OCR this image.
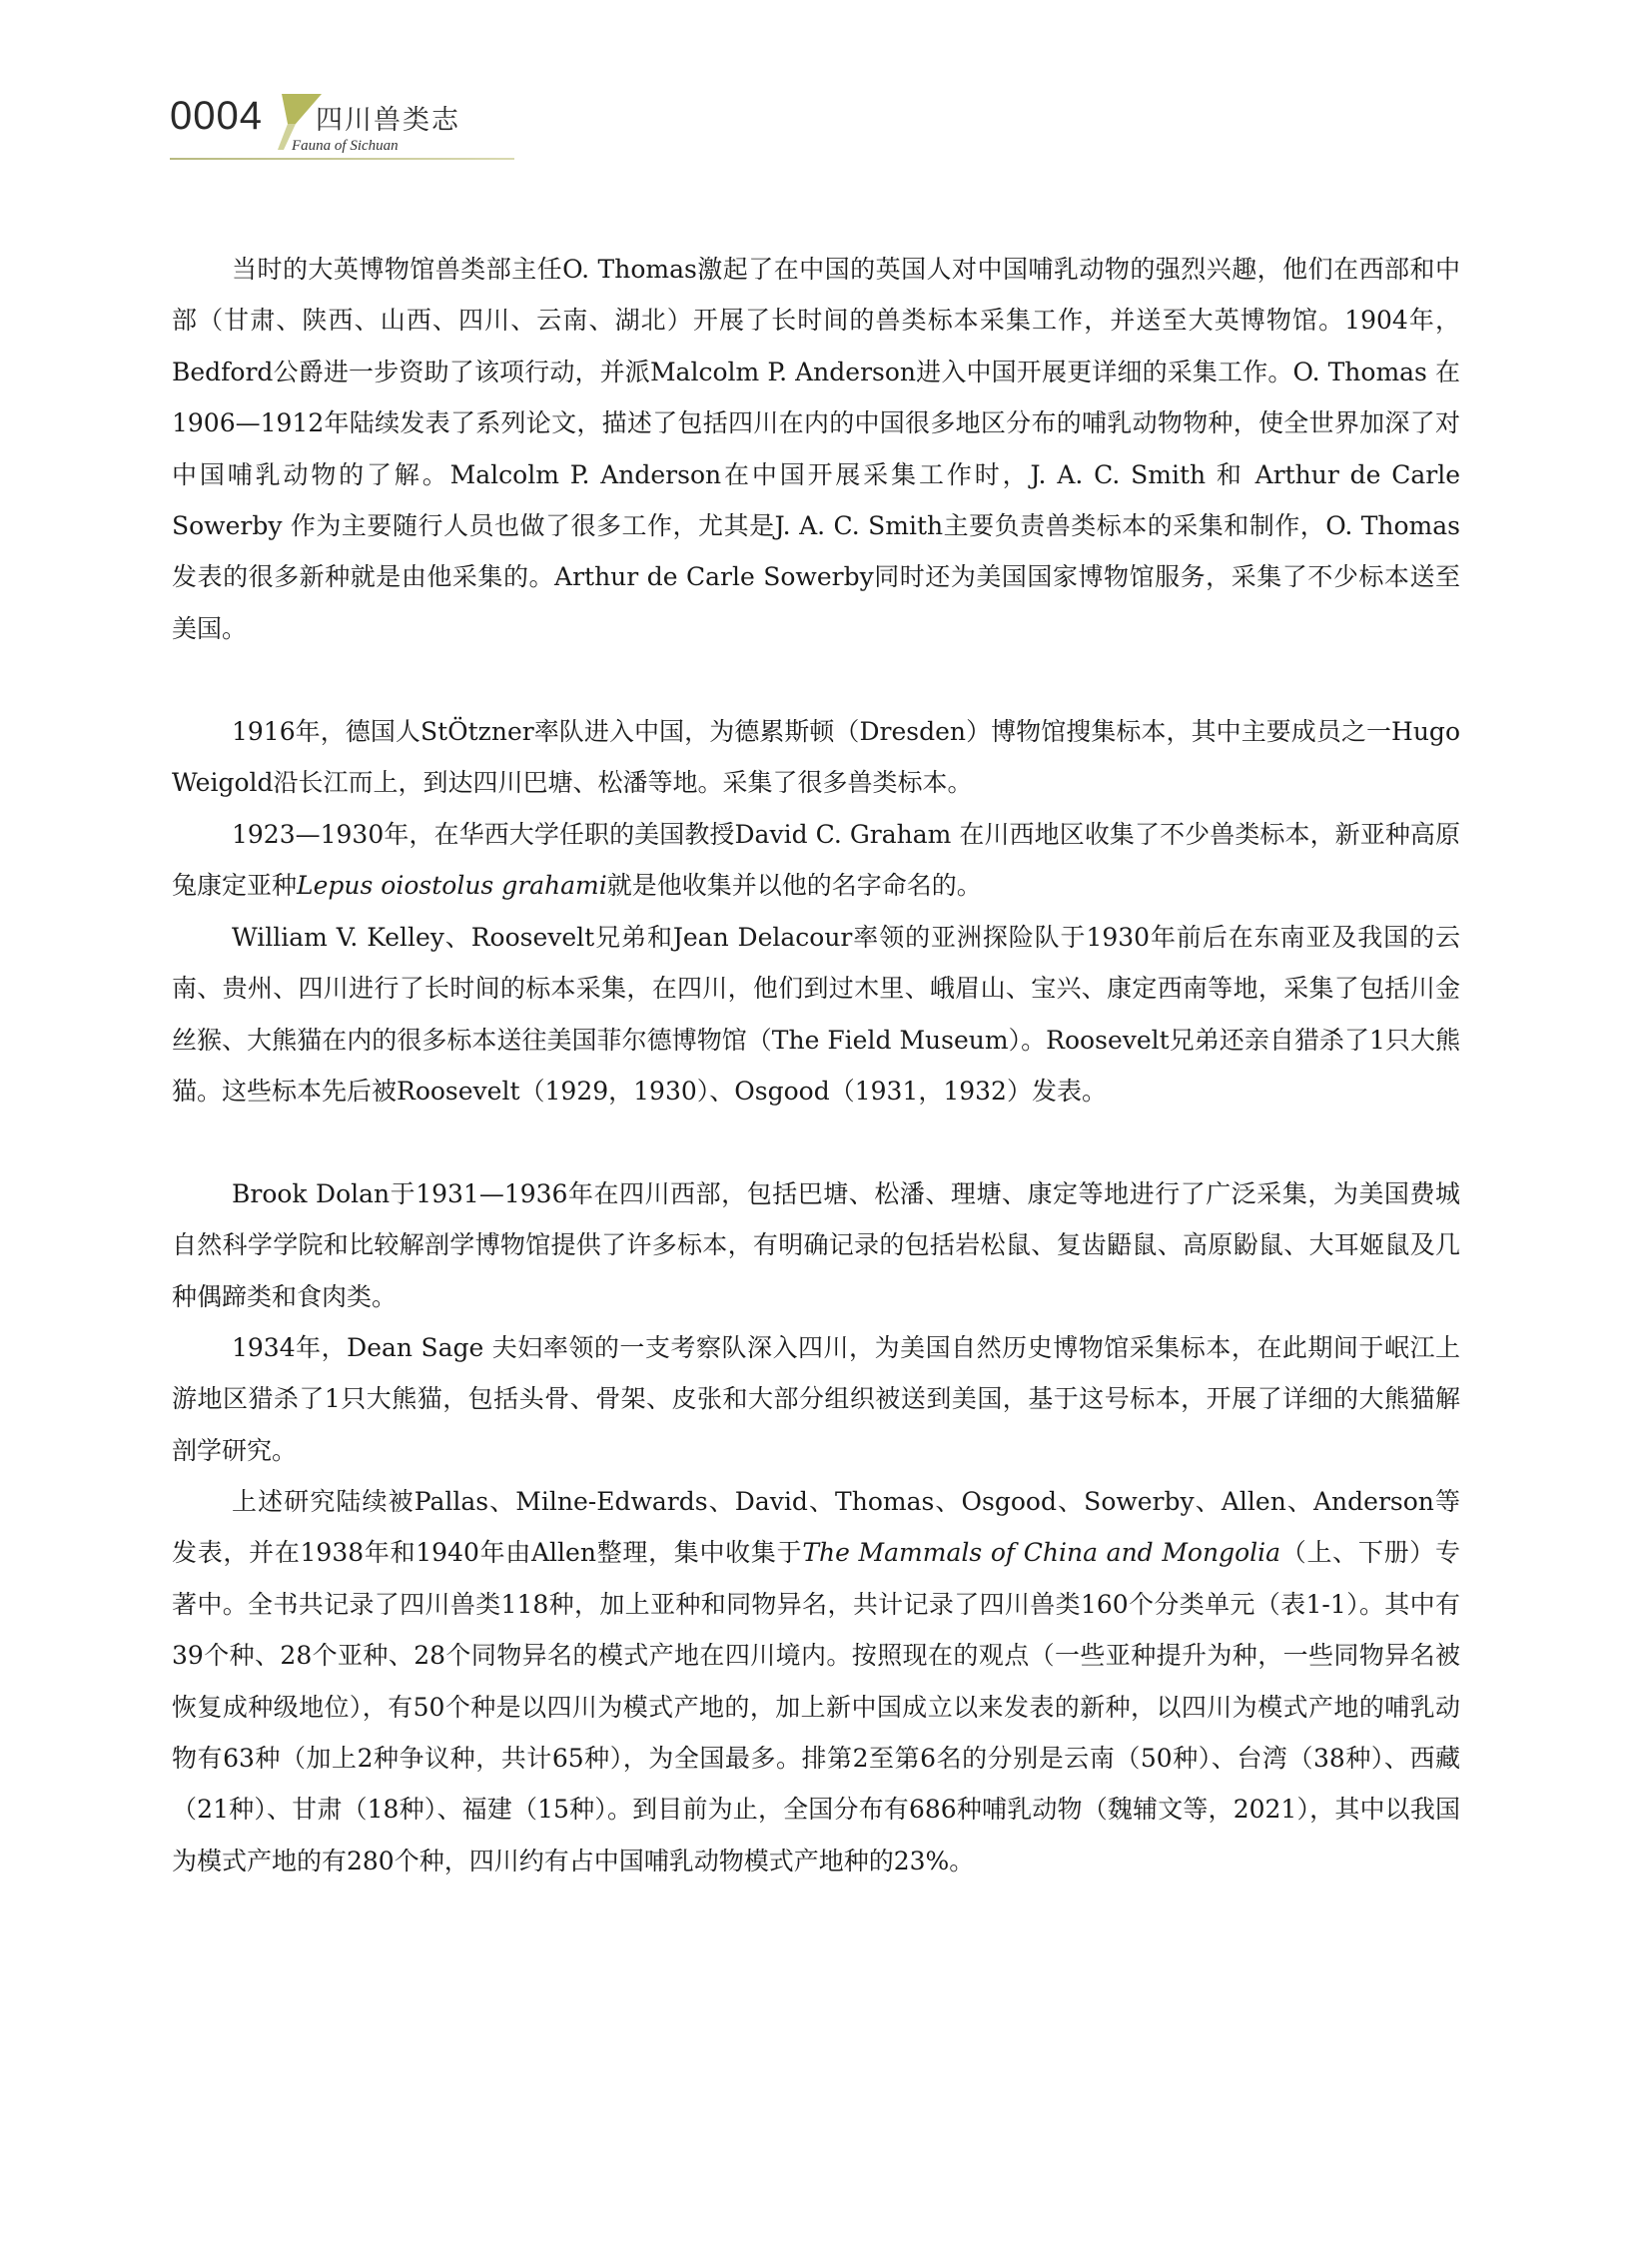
0004 四川兽类志
Fauna of Sichuan

当时的大英博物馆兽类部主任O. Thomas激起了在中国的英国人对中国哺乳动物的强烈兴趣，他们在西部和中部（甘肃、陕西、山西、四川、云南、湖北）开展了长时间的兽类标本采集工作，并送至大英博物馆。1904年，Bedford公爵进一步资助了该项行动，并派Malcolm P. Anderson进入中国开展更详细的采集工作。O. Thomas 在1906—1912年陆续发表了系列论文，描述了包括四川在内的中国很多地区分布的哺乳动物物种，使全世界加深了对中国哺乳动物的了解。Malcolm P. Anderson在中国开展采集工作时，J. A. C. Smith 和 Arthur de Carle Sowerby 作为主要随行人员也做了很多工作，尤其是J. A. C. Smith主要负责兽类标本的采集和制作，O. Thomas发表的很多新种就是由他采集的。Arthur de Carle Sowerby同时还为美国国家博物馆服务，采集了不少标本送至美国。

1916年，德国人StÖtzner率队进入中国，为德累斯顿（Dresden）博物馆搜集标本，其中主要成员之一Hugo Weigold沿长江而上，到达四川巴塘、松潘等地。采集了很多兽类标本。

1923—1930年，在华西大学任职的美国教授David C. Graham 在川西地区收集了不少兽类标本，新亚种高原兔康定亚种Lepus oiostolus grahami就是他收集并以他的名字命名的。

William V. Kelley、Roosevelt兄弟和Jean Delacour率领的亚洲探险队于1930年前后在东南亚及我国的云南、贵州、四川进行了长时间的标本采集，在四川，他们到过木里、峨眉山、宝兴、康定西南等地，采集了包括川金丝猴、大熊猫在内的很多标本送往美国菲尔德博物馆（The Field Museum）。Roosevelt兄弟还亲自猎杀了1只大熊猫。这些标本先后被Roosevelt（1929，1930）、Osgood（1931，1932）发表。

Brook Dolan于1931—1936年在四川西部，包括巴塘、松潘、理塘、康定等地进行了广泛采集，为美国费城自然科学学院和比较解剖学博物馆提供了许多标本，有明确记录的包括岩松鼠、复齿鼯鼠、高原鼢鼠、大耳姬鼠及几种偶蹄类和食肉类。

1934年，Dean Sage 夫妇率领的一支考察队深入四川，为美国自然历史博物馆采集标本，在此期间于岷江上游地区猎杀了1只大熊猫，包括头骨、骨架、皮张和大部分组织被送到美国，基于这号标本，开展了详细的大熊猫解剖学研究。

上述研究陆续被Pallas、Milne-Edwards、David、Thomas、Osgood、Sowerby、Allen、Anderson等发表，并在1938年和1940年由Allen整理，集中收集于The Mammals of China and Mongolia（上、下册）专著中。全书共记录了四川兽类118种，加上亚种和同物异名，共计记录了四川兽类160个分类单元（表1-1）。其中有39个种、28个亚种、28个同物异名的模式产地在四川境内。按照现在的观点（一些亚种提升为种，一些同物异名被恢复成种级地位），有50个种是以四川为模式产地的，加上新中国成立以来发表的新种，以四川为模式产地的哺乳动物有63种（加上2种争议种，共计65种），为全国最多。排第2至第6名的分别是云南（50种）、台湾（38种）、西藏（21种）、甘肃（18种）、福建（15种）。到目前为止，全国分布有686种哺乳动物（魏辅文等，2021），其中以我国为模式产地的有280个种，四川约有占中国哺乳动物模式产地种的23%。
